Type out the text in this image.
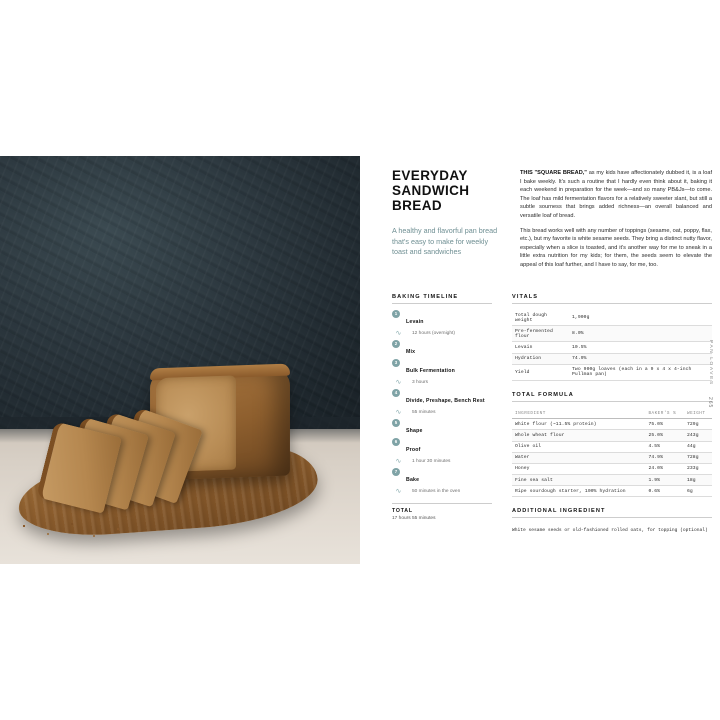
EVERYDAY SANDWICH BREAD
A healthy and flavorful pan bread that's easy to make for weekly toast and sandwiches

THIS "SQUARE BREAD," as my kids have affectionately dubbed it, is a loaf I bake weekly. It's such a routine that I hardly even think about it, baking it each weekend in preparation for the week—and so many PB&Js—to come. The loaf has mild fermentation flavors for a relatively sweeter slant, but still a subtle sourness that brings added richness—an overall balanced and versatile loaf of bread.

This bread works well with any number of toppings (sesame, oat, poppy, flax, etc.), but my favorite is white sesame seeds. They bring a distinct nutty flavor, especially when a slice is toasted, and it's another way for me to sneak in a little extra nutrition for my kids; for them, the seeds seem to elevate the appeal of this loaf further, and I have to say, for me, too.

BAKING TIMELINE
1
Levain
∿	12 hours (overnight)
2
Mix
3
Bulk Fermentation
∿	3 hours
4
Divide, Preshape, Bench Rest
∿	55 minutes
5
Shape
6
Proof
∿	1 hour 30 minutes
7
Bake
∿	50 minutes in the oven
TOTAL
17 hours 55 minutes
VITALS
Total dough weight	1,900g
Pre-fermented flour	8.0%
Levain	10.5%
Hydration	74.9%
Yield	Two 900g loaves (each in a 9 x 4 x 4-inch Pullman pan)
TOTAL FORMULA
INGREDIENT	BAKER'S %	WEIGHT
White flour (~11.5% protein)	75.0%	729g
Whole wheat flour	25.0%	243g
Olive oil	4.5%	44g
Water	74.9%	728g
Honey	24.0%	233g
Fine sea salt	1.9%	18g
Ripe sourdough starter, 100% hydration	0.6%	6g
ADDITIONAL INGREDIENT
White sesame seeds or old-fashioned rolled oats, for topping (optional)
PAN LOAVES
265
